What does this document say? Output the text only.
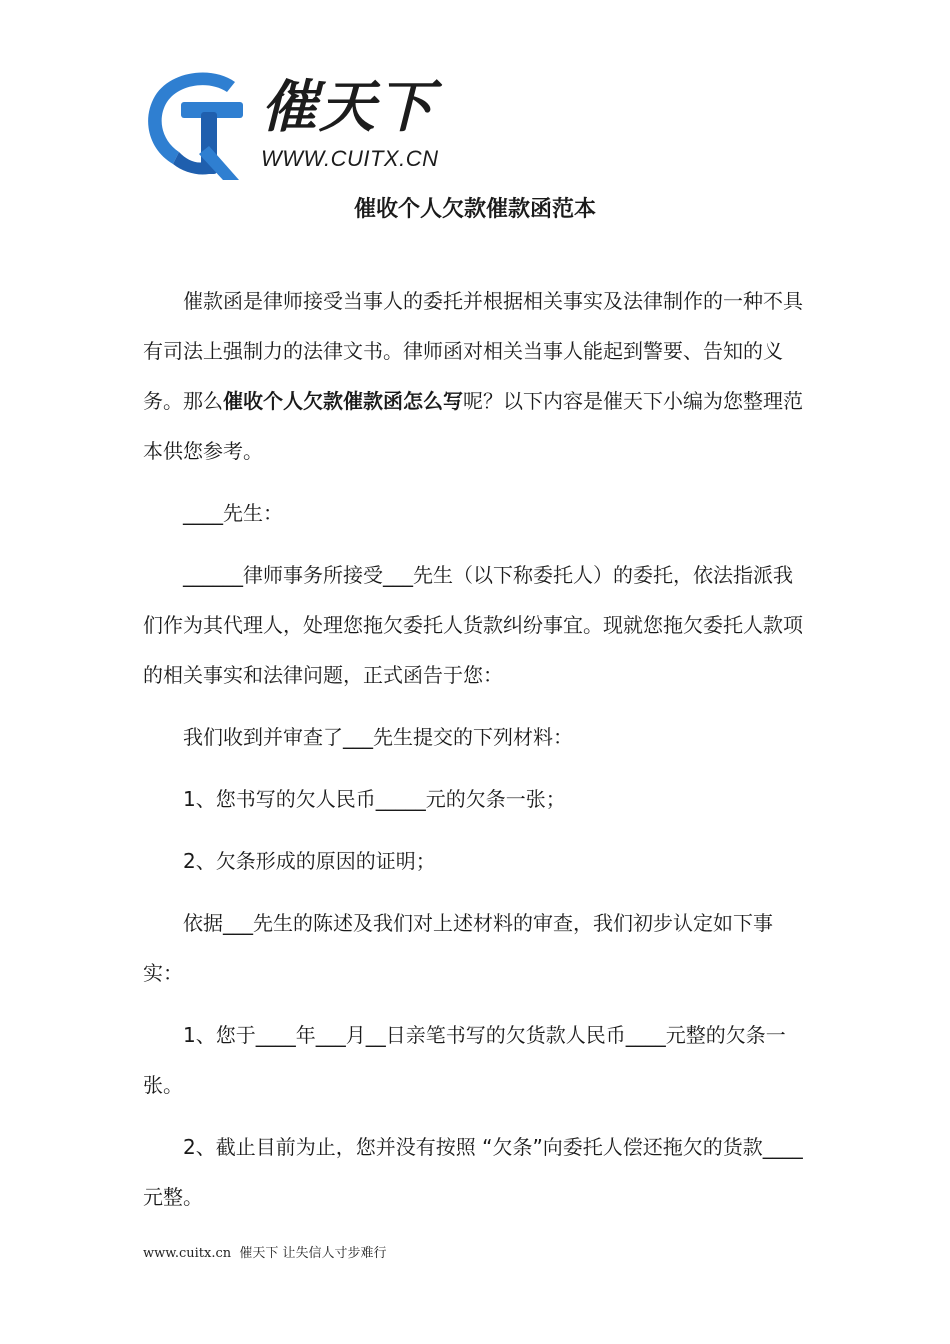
催天下
WWW.CUITX.CN
催收个人欠款催款函范本

催款函是律师接受当事人的委托并根据相关事实及法律制作的一种不具有司法上强制力的法律文书。律师函对相关当事人能起到警要、告知的义务。那么催收个人欠款催款函怎么写呢？以下内容是催天下小编为您整理范本供您参考。

____先生：

______律师事务所接受___先生（以下称委托人）的委托，依法指派我们作为其代理人，处理您拖欠委托人货款纠纷事宜。现就您拖欠委托人款项的相关事实和法律问题，正式函告于您：

我们收到并审查了___先生提交的下列材料：

1、您书写的欠人民币_____元的欠条一张；

2、欠条形成的原因的证明；

依据___先生的陈述及我们对上述材料的审查，我们初步认定如下事实：

1、您于____年___月__日亲笔书写的欠货款人民币____元整的欠条一张。

2、截止目前为止，您并没有按照 “欠条”向委托人偿还拖欠的货款____元整。

www.cuitx.cn 催天下 让失信人寸步难行
